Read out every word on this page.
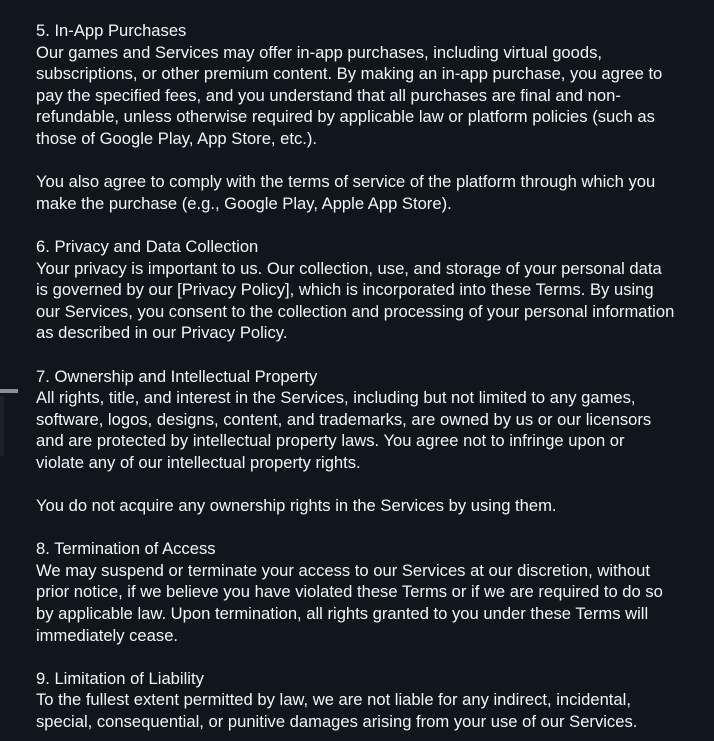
5. In-App Purchases

Our games and Services may offer in-app purchases, including virtual goods, subscriptions, or other premium content. By making an in-app purchase, you agree to pay the specified fees, and you understand that all purchases are final and non-refundable, unless otherwise required by applicable law or platform policies (such as those of Google Play, App Store, etc.).

You also agree to comply with the terms of service of the platform through which you make the purchase (e.g., Google Play, Apple App Store).

6. Privacy and Data Collection

Your privacy is important to us. Our collection, use, and storage of your personal data is governed by our [Privacy Policy], which is incorporated into these Terms. By using our Services, you consent to the collection and processing of your personal information as described in our Privacy Policy.

7. Ownership and Intellectual Property

All rights, title, and interest in the Services, including but not limited to any games, software, logos, designs, content, and trademarks, are owned by us or our licensors and are protected by intellectual property laws. You agree not to infringe upon or violate any of our intellectual property rights.

You do not acquire any ownership rights in the Services by using them.

8. Termination of Access

We may suspend or terminate your access to our Services at our discretion, without prior notice, if we believe you have violated these Terms or if we are required to do so by applicable law. Upon termination, all rights granted to you under these Terms will immediately cease.

9. Limitation of Liability

To the fullest extent permitted by law, we are not liable for any indirect, incidental, special, consequential, or punitive damages arising from your use of our Services.
